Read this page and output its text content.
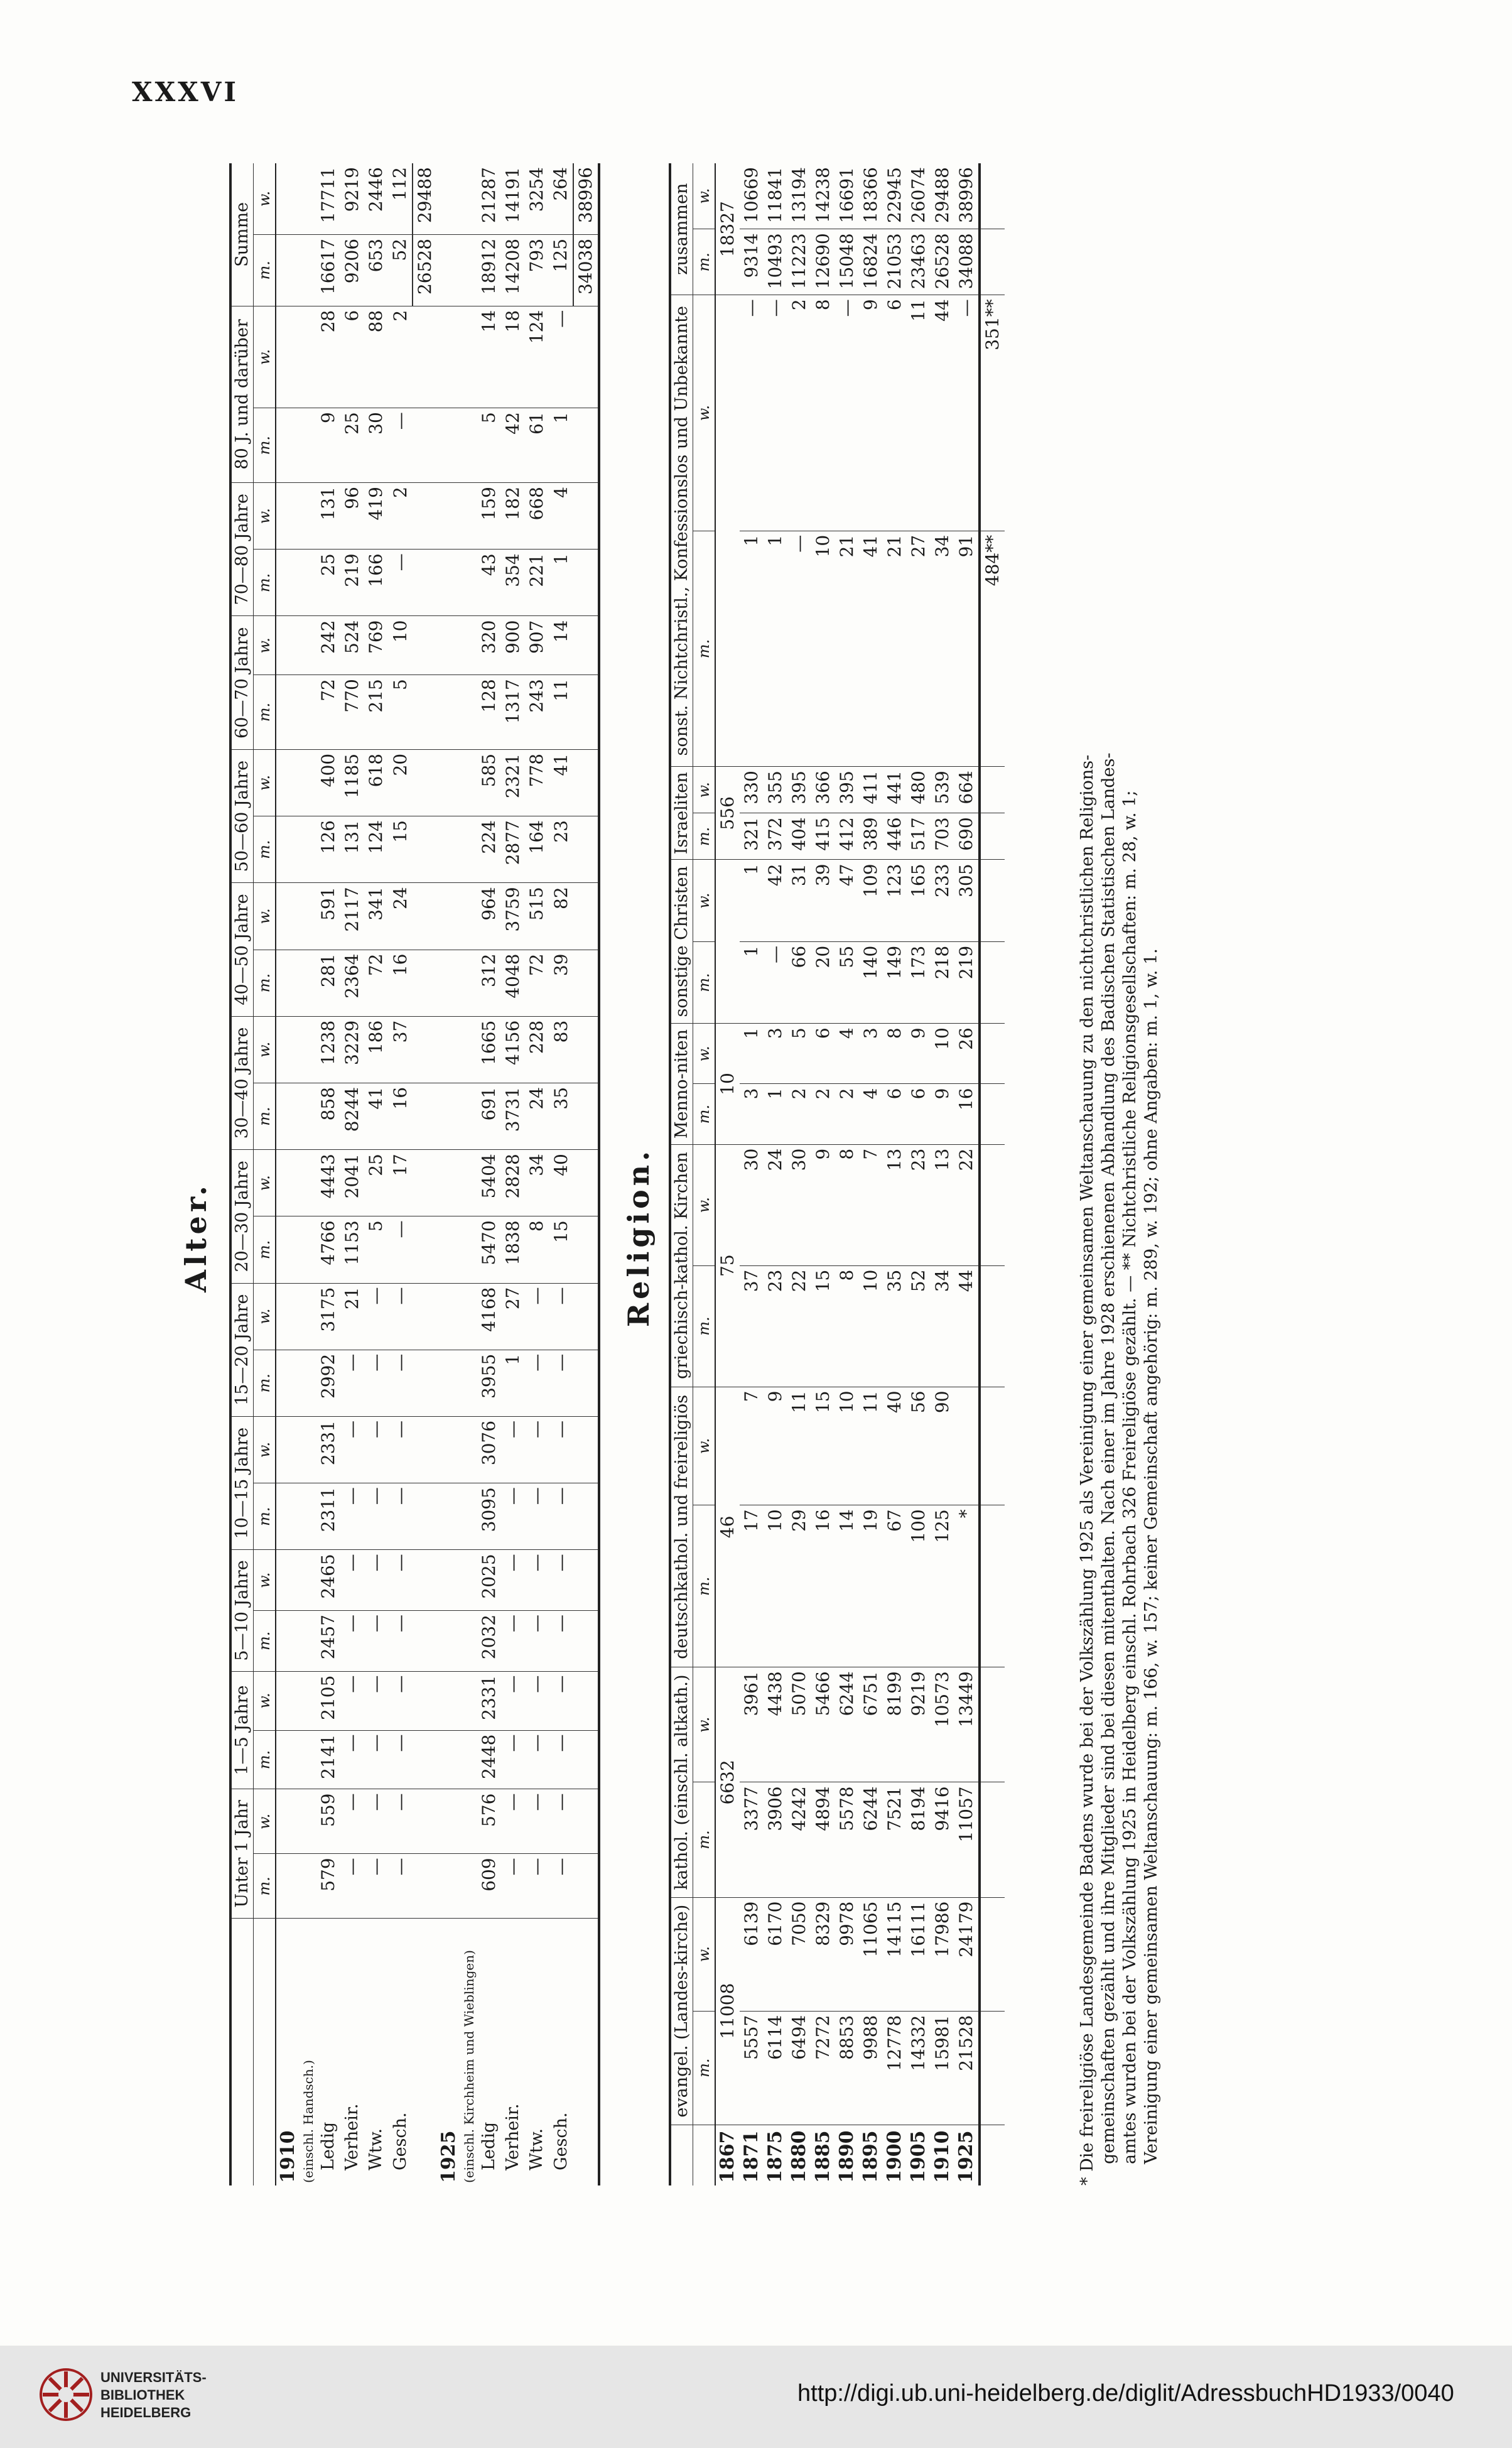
XXXVI
Alter.
	Unter 1 Jahr		1—5 Jahre		5—10 Jahre		10—15 Jahre		15—20 Jahre		20—30 Jahre		30—40 Jahre		40—50 Jahre		50—60 Jahre		60—70 Jahre		70—80 Jahre		80 J. und darüber		Summe	
	m.	w.	m.	w.	m.	w.	m.	w.	m.	w.	m.	w.	m.	w.	m.	w.	m.	w.	m.	w.	m.	w.	m.	w.	m.	w.
1910																										
(einschl. Handsch.)																										
Ledig	579	559	2141	2105	2457	2465	2311	2331	2992	3175	4766	4443	858	1238	281	591	126	400	72	242	25	131	9	28	16617	17711
Verheir.	—	—	—	—	—	—	—	—	—	21	1153	2041	8244	3229	2364	2117	131	1185	770	524	219	96	25	6	9206	9219
Wtw.	—	—	—	—	—	—	—	—	—	—	5	25	41	186	72	341	124	618	215	769	166	419	30	88	653	2446
Gesch.	—	—	—	—	—	—	—	—	—	—	—	17	16	37	16	24	15	20	5	10	—	2	—	2	52	112
																									26528	29488
1925																										
(einschl. Kirchheim und Wieblingen)																										
Ledig	609	576	2448	2331	2032	2025	3095	3076	3955	4168	5470	5404	691	1665	312	964	224	585	128	320	43	159	5	14	18912	21287
Verheir.	—	—	—	—	—	—	—	—	1	27	1838	2828	3731	4156	4048	3759	2877	2321	1317	900	354	182	42	18	14208	14191
Wtw.	—	—	—	—	—	—	—	—	—	—	8	34	24	228	72	515	164	778	243	907	221	668	61	124	793	3254
Gesch.	—	—	—	—	—	—	—	—	—	—	15	40	35	83	39	82	23	41	11	14	1	4	1	—	125	264
																									34038	38996
Religion.
	evangel. (Landes-kirche)		kathol. (einschl. altkath.)		deutschkathol. und freireligiös		griechisch-kathol. Kirchen		Menno-niten		sonstige Christen		Israeliten		sonst. Nichtchristl., Konfessionslos und Unbekannte		zusammen	
	m.	w.	m.	w.	m.	w.	m.	w.	m.	w.	m.	w.	m.	w.	m.	w.	m.	w.
1867	11008		6632		46		75		10				556				18327	
1871	5557	6139	3377	3961	17	7	37	30	3	1	1	1	321	330	1	—	9314	10669
1875	6114	6170	3906	4438	10	9	23	24	1	3	—	42	372	355	1	—	10493	11841
1880	6494	7050	4242	5070	29	11	22	30	2	5	66	31	404	395	—	2	11223	13194
1885	7272	8329	4894	5466	16	15	15	9	2	6	20	39	415	366	10	8	12690	14238
1890	8853	9978	5578	6244	14	10	8	8	2	4	55	47	412	395	21	—	15048	16691
1895	9988	11065	6244	6751	19	11	10	7	4	3	140	109	389	411	41	9	16824	18366
1900	12778	14115	7521	8199	67	40	35	13	6	8	149	123	446	441	21	6	21053	22945
1905	14332	16111	8194	9219	100	56	52	23	6	9	173	165	517	480	27	11	23463	26074
1910	15981	17986	9416	10573	125	90	34	13	9	10	218	233	703	539	34	44	26528	29488
1925	21528	24179	11057	13449	*		44	22	16	26	219	305	690	664	91	—	34088	38996
															484**	351**		

* Die freireligiöse Landesgemeinde Badens wurde bei der Volkszählung 1925 als Vereinigung einer gemeinsamen Weltanschauung zu den nichtchristlichen Religions- gemeinschaften gezählt und ihre Mitglieder sind bei diesen mitenthalten. Nach einer im Jahre 1928 erschienenen Abhandlung des Badischen Statistischen Landes- amtes wurden bei der Volkszählung 1925 in Heidelberg einschl. Rohrbach 326 Freireligiöse gezählt. — ** Nichtchristliche Religionsgesellschaften: m. 28, w. 1; Vereinigung einer gemeinsamen Weltanschauung: m. 166, w. 157; keiner Gemeinschaft angehörig: m. 289, w. 192; ohne Angaben: m. 1, w. 1.

UNIVERSITÄTS-
BIBLIOTHEK
HEIDELBERG
http://digi.ub.uni-heidelberg.de/diglit/AdressbuchHD1933/0040
